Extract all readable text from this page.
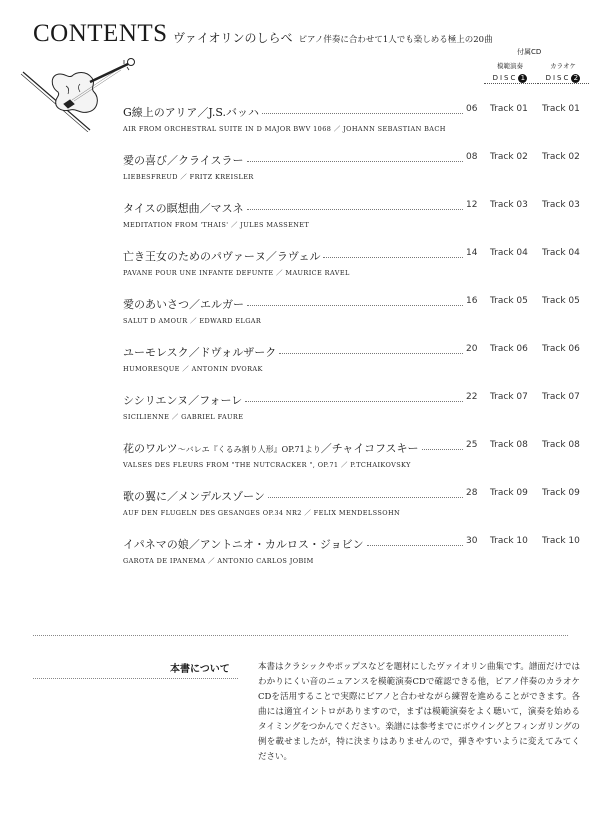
CONTENTS ヴァイオリンのしらべ ピアノ伴奏に合わせて1人でも楽しめる極上の20曲
付属CD
模範演奏	カラオケ
DISC 1	DISC 2
G線上のアリア／J.S.バッハ	06 Track 01 Track 01
AIR FROM ORCHESTRAL SUITE IN D MAJOR BWV 1068 ／ JOHANN SEBASTIAN BACH
愛の喜び／クライスラー	08 Track 02 Track 02
LIEBESFREUD ／ FRITZ KREISLER
タイスの瞑想曲／マスネ	12 Track 03 Track 03
MEDITATION FROM 'THAIS' ／ JULES MASSENET
亡き王女のためのパヴァーヌ／ラヴェル	14 Track 04 Track 04
PAVANE POUR UNE INFANTE DEFUNTE ／ MAURICE RAVEL
愛のあいさつ／エルガー	16 Track 05 Track 05
SALUT D AMOUR ／ EDWARD ELGAR
ユーモレスク／ドヴォルザーク	20 Track 06 Track 06
HUMORESQUE ／ ANTONIN DVORAK
シシリエンヌ／フォーレ	22 Track 07 Track 07
SICILIENNE ／ GABRIEL FAURE
花のワルツ～バレエ『くるみ割り人形』OP.71より／チャイコフスキー	25 Track 08 Track 08
VALSES DES FLEURS FROM "THE NUTCRACKER ", OP.71 ／ P.TCHAIKOVSKY
歌の翼に／メンデルスゾーン	28 Track 09 Track 09
AUF DEN FLUGELN DES GESANGES OP.34 NR2 ／ FELIX MENDELSSOHN
イパネマの娘／アントニオ・カルロス・ジョビン	30 Track 10 Track 10
GAROTA DE IPANEMA ／ ANTONIO CARLOS JOBIM
本書について	本書はクラシックやポップスなどを題材にしたヴァイオリン曲集です。譜面だけではわかりにくい音のニュアンスを模範演奏CDで確認できる他，ピアノ伴奏のカラオケCDを活用することで実際にピアノと合わせながら練習を進めることができます。各曲には適宜イントロがありますので，まずは模範演奏をよく聴いて，演奏を始めるタイミングをつかんでください。楽譜には参考までにボウイングとフィンガリングの例を載せましたが，特に決まりはありませんので，弾きやすいように変えてみてください。
